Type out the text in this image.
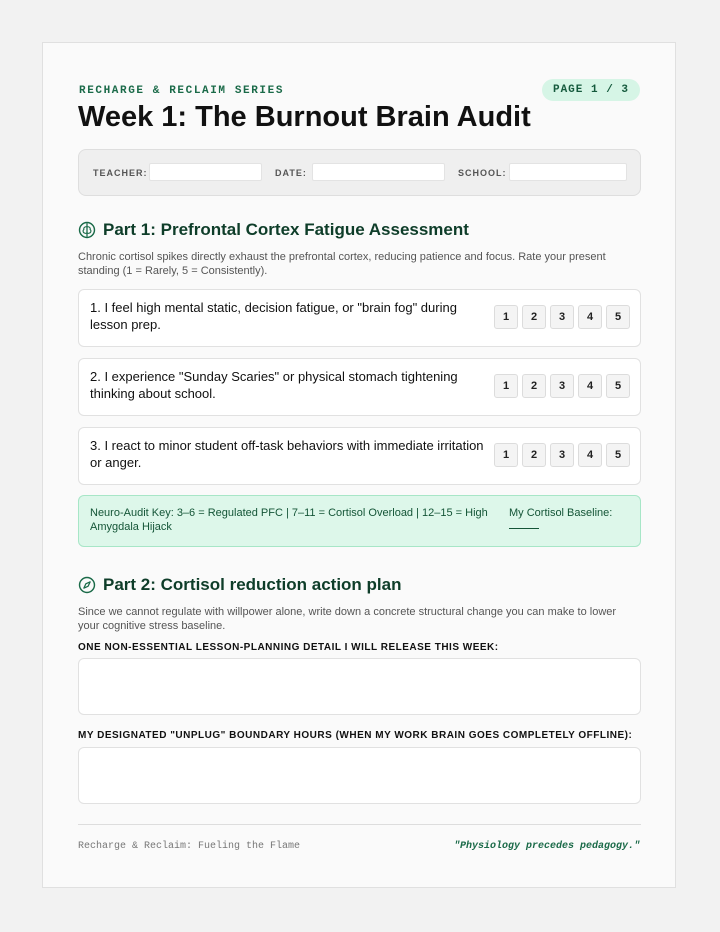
RECHARGE & RECLAIM SERIES	PAGE 1 / 3
Week 1: The Burnout Brain Audit
TEACHER:	DATE:	SCHOOL:
Part 1: Prefrontal Cortex Fatigue Assessment
Chronic cortisol spikes directly exhaust the prefrontal cortex, reducing patience and focus. Rate your present standing (1 = Rarely, 5 = Consistently).
1. I feel high mental static, decision fatigue, or "brain fog" during lesson prep.	1	2	3	4	5
2. I experience "Sunday Scaries" or physical stomach tightening thinking about school.	1	2	3	4	5
3. I react to minor student off-task behaviors with immediate irritation or anger.	1	2	3	4	5
Neuro-Audit Key: 3–6 = Regulated PFC | 7–11 = Cortisol Overload | 12–15 = High Amygdala Hijack
My Cortisol Baseline:
Part 2: Cortisol reduction action plan
Since we cannot regulate with willpower alone, write down a concrete structural change you can make to lower your cognitive stress baseline.
ONE NON-ESSENTIAL LESSON-PLANNING DETAIL I WILL RELEASE THIS WEEK:
MY DESIGNATED "UNPLUG" BOUNDARY HOURS (WHEN MY WORK BRAIN GOES COMPLETELY OFFLINE):
Recharge & Reclaim: Fueling the Flame	"Physiology precedes pedagogy."
